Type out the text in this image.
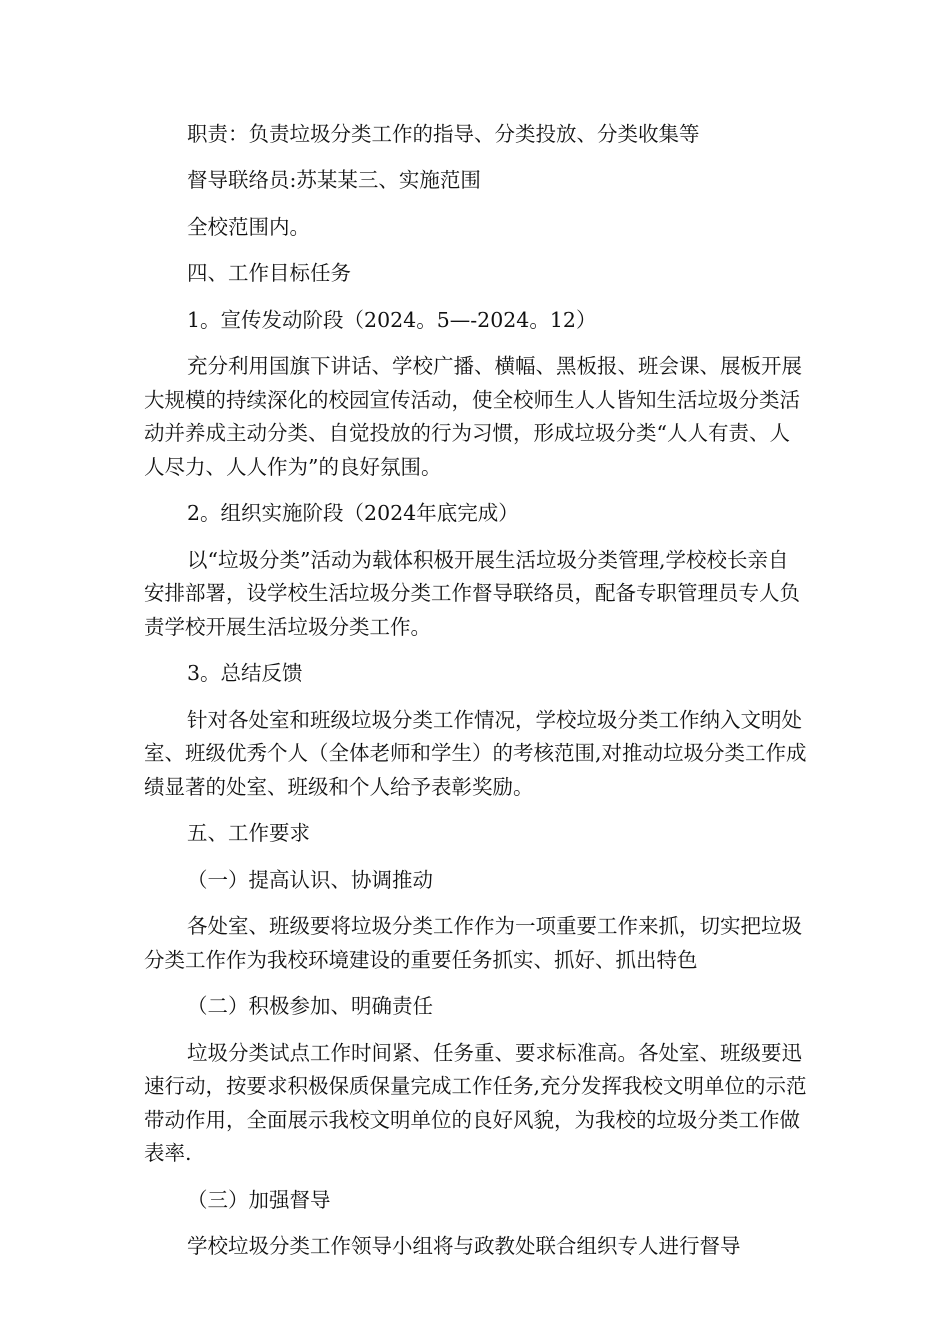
职责：负责垃圾分类工作的指导、分类投放、分类收集等

督导联络员:苏某某三、实施范围

全校范围内。

四、工作目标任务

1。宣传发动阶段（2024。5—-2024。12）

充分利用国旗下讲话、学校广播、横幅、黑板报、班会课、展板开展大规模的持续深化的校园宣传活动，使全校师生人人皆知生活垃圾分类活动并养成主动分类、自觉投放的行为习惯，形成垃圾分类“人人有责、人人尽力、人人作为”的良好氛围。

2。组织实施阶段（2024年底完成）

以“垃圾分类”活动为载体积极开展生活垃圾分类管理,学校校长亲自安排部署，设学校生活垃圾分类工作督导联络员，配备专职管理员专人负责学校开展生活垃圾分类工作。

3。总结反馈

针对各处室和班级垃圾分类工作情况，学校垃圾分类工作纳入文明处室、班级优秀个人（全体老师和学生）的考核范围,对推动垃圾分类工作成绩显著的处室、班级和个人给予表彰奖励。

五、工作要求

（一）提高认识、协调推动

各处室、班级要将垃圾分类工作作为一项重要工作来抓，切实把垃圾分类工作作为我校环境建设的重要任务抓实、抓好、抓出特色

（二）积极参加、明确责任

垃圾分类试点工作时间紧、任务重、要求标准高。各处室、班级要迅速行动，按要求积极保质保量完成工作任务,充分发挥我校文明单位的示范带动作用，全面展示我校文明单位的良好风貌，为我校的垃圾分类工作做表率.

（三）加强督导

学校垃圾分类工作领导小组将与政教处联合组织专人进行督导
